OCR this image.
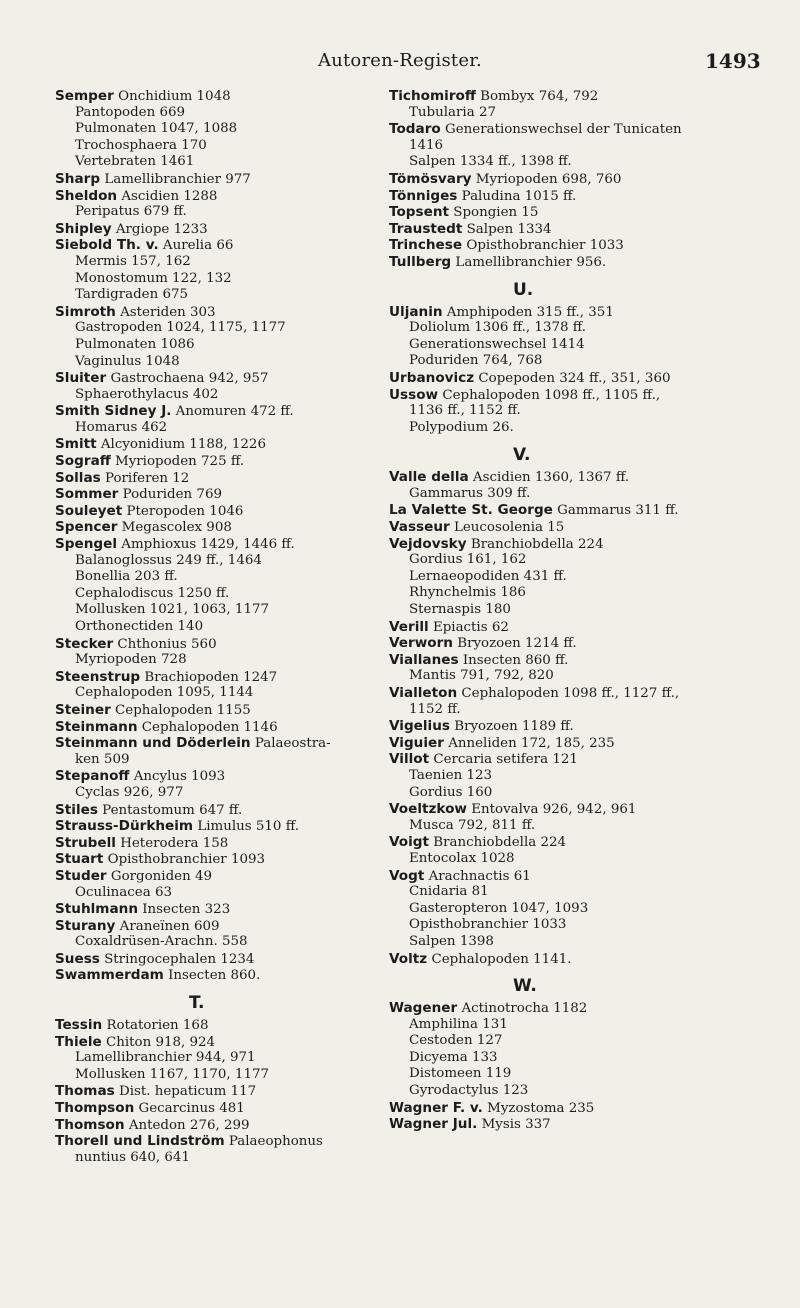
Autoren-Register.	1493
Semper Onchidium 1048
Pantopoden 669
Pulmonaten 1047, 1088
Trochosphaera 170
Vertebraten 1461
Sharp Lamellibranchier 977
Sheldon Ascidien 1288
Peripatus 679 ff.
Shipley Argiope 1233
Siebold Th. v. Aurelia 66
Mermis 157, 162
Monostomum 122, 132
Tardigraden 675
Simroth Asteriden 303
Gastropoden 1024, 1175, 1177
Pulmonaten 1086
Vaginulus 1048
Sluiter Gastrochaena 942, 957
Sphaerothylacus 402
Smith Sidney J. Anomuren 472 ff.
Homarus 462
Smitt Alcyonidium 1188, 1226
Sograff Myriopoden 725 ff.
Sollas Poriferen 12
Sommer Poduriden 769
Souleyet Pteropoden 1046
Spencer Megascolex 908
Spengel Amphioxus 1429, 1446 ff.
Balanoglossus 249 ff., 1464
Bonellia 203 ff.
Cephalodiscus 1250 ff.
Mollusken 1021, 1063, 1177
Orthonectiden 140
Stecker Chthonius 560
Myriopoden 728
Steenstrup Brachiopoden 1247
Cephalopoden 1095, 1144
Steiner Cephalopoden 1155
Steinmann Cephalopoden 1146
Steinmann und Döderlein Palaeostra-
ken 509
Stepanoff Ancylus 1093
Cyclas 926, 977
Stiles Pentastomum 647 ff.
Strauss-Dürkheim Limulus 510 ff.
Strubell Heterodera 158
Stuart Opisthobranchier 1093
Studer Gorgoniden 49
Oculinacea 63
Stuhlmann Insecten 323
Sturany Araneïnen 609
Coxaldrüsen-Arachn. 558
Suess Stringocephalen 1234
Swammerdam Insecten 860.
T.
Tessin Rotatorien 168
Thiele Chiton 918, 924
Lamellibranchier 944, 971
Mollusken 1167, 1170, 1177
Thomas Dist. hepaticum 117
Thompson Gecarcinus 481
Thomson Antedon 276, 299
Thorell und Lindström Palaeophonus
nuntius 640, 641
Tichomiroff Bombyx 764, 792
Tubularia 27
Todaro Generationswechsel der Tunicaten
1416
Salpen 1334 ff., 1398 ff.
Tömösvary Myriopoden 698, 760
Tönniges Paludina 1015 ff.
Topsent Spongien 15
Traustedt Salpen 1334
Trinchese Opisthobranchier 1033
Tullberg Lamellibranchier 956.
U.
Uljanin Amphipoden 315 ff., 351
Doliolum 1306 ff., 1378 ff.
Generationswechsel 1414
Poduriden 764, 768
Urbanovicz Copepoden 324 ff., 351, 360
Ussow Cephalopoden 1098 ff., 1105 ff.,
1136 ff., 1152 ff.
Polypodium 26.
V.
Valle della Ascidien 1360, 1367 ff.
Gammarus 309 ff.
La Valette St. George Gammarus 311 ff.
Vasseur Leucosolenia 15
Vejdovsky Branchiobdella 224
Gordius 161, 162
Lernaeopodiden 431 ff.
Rhynchelmis 186
Sternaspis 180
Verill Epiactis 62
Verworn Bryozoen 1214 ff.
Viallanes Insecten 860 ff.
Mantis 791, 792, 820
Vialleton Cephalopoden 1098 ff., 1127 ff.,
1152 ff.
Vigelius Bryozoen 1189 ff.
Viguier Anneliden 172, 185, 235
Villot Cercaria setifera 121
Taenien 123
Gordius 160
Voeltzkow Entovalva 926, 942, 961
Musca 792, 811 ff.
Voigt Branchiobdella 224
Entocolax 1028
Vogt Arachnactis 61
Cnidaria 81
Gasteropteron 1047, 1093
Opisthobranchier 1033
Salpen 1398
Voltz Cephalopoden 1141.
W.
Wagener Actinotrocha 1182
Amphilina 131
Cestoden 127
Dicyema 133
Distomeen 119
Gyrodactylus 123
Wagner F. v. Myzostoma 235
Wagner Jul. Mysis 337
